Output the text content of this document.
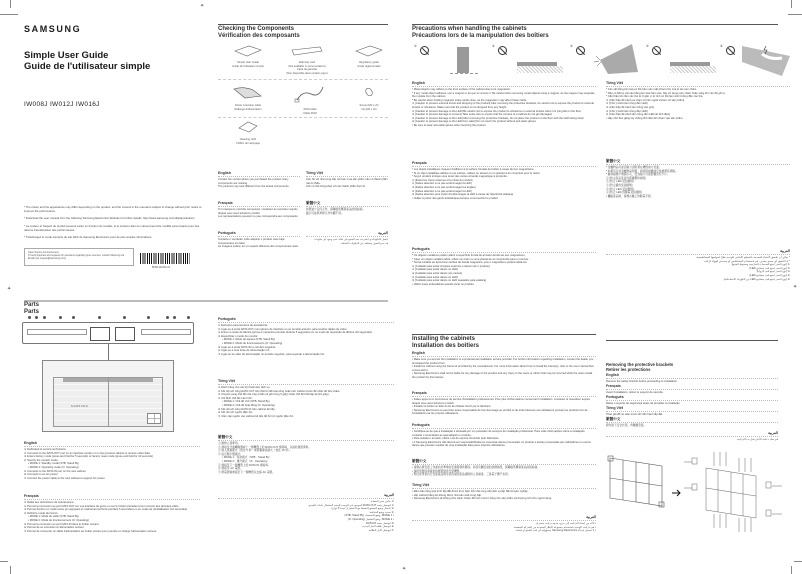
✦
✦	✦
✦
SAMSUNG
Simple User Guide
Guide de l'utilisateur simple
IW008J IW012J IW016J

* The colour and the appearance may differ depending on the product, and the content in the manual is subject to change without prior notice to improve the performance.

* Download the user manual from the following Samsung Electronics Website for further details. http://www.samsung.com/displaysolutions

* La couleur et l'aspect du produit peuvent varier en fonction du modèle, et le contenu dans le manuel peut être modifié sans préavis pour des raisons d'amélioration des performances.

* Téléchargez le mode d'emploi du site Web de Samsung Electronics pour de plus amples informations.

Open Source Announcement
To send inquiries and requests for questions regarding open sources, contact Samsung via Email (oss.request@samsung.com).
BN68-11195A-01
Checking the Components
Vérification des composants
Simple User Guide
Guide de l'utilisateur simple
Warranty card
(Not available in some locations)
Carte de garantie
(Non disponible dans certains pays)
Regulatory guide
Guide réglementaire
Power extension cable
Rallonge d'alimentation	RCM cable
Câble DCM
Screw (M4 x L6)
Vis (M4 x L6)
Cleaning cloth
Chiffon de nettoyage
English
Contact the vendor where you purchased the product if any components are missing.
The pictures may look different from the actual components.
Tiếng Việt
Liên hệ với nhà cung cấp nơi bạn mua sản phẩm nếu có thành phần nào bị thiếu.
Ảnh có thể trông khác với các thành phần thực tế.
Français
Si il manque le moindre composant, contactez le revendeur auprès duquel vous avez acheté le produit.
Les représentations peuvent ne pas correspondre aux composants.
繁體中文
如果缺少任何元件，請聯絡您購買產品的經銷商。
圖示可能與實際元件外觀不同。
Português
Contacte o vendedor onde adquiriu o produto caso haja componentes em falta.
As imagens podem ter um aspeto diferente dos componentes reais.
العربية
اتصل بالبائع الذي اشتريت منه المنتج في حالة عدم وجود أي مكونات.
قد تبدو الصور مختلفة عن المكونات الفعلية.
Parts
Parts
SAMSUNG
English
① Dedicated to service technicians.
② Connects to the DATA OUT port on an interface sender or on the previous cabinet to receive video data.
③ Enters factory mode (press and hold for 5 seconds) or factory reset mode (press and hold for 10 seconds).
④ Specify the monitor mode:
• MODE 1: Standby mode (STB: Stand By)
• MODE 2: Operating mode (O: Operating)
⑤ Connects to the DATA IN port on the next cabinet.
⑥ Connects to an AC power.
⑦ Connect the power cable to the next cabinet to support AC power.
Français
① Dédié aux techniciens de maintenance.
② Permet la connexion au port DATA OUT sur une interface de genre ou sur le boîtier précédent pour recevoir des données vidéo.
③ Permet d'entrer en mode usine (en appuyant et maintenant enfoncé pendant 5 secondes) ou en mode de réinitialisation (10 secondes).
④ Définit le mode de l'écran:
• MODE 1: Mode de veille (STB: Stand By)
• MODE 2: Mode de fonctionnement (O: Operating)
⑤ Permet la connexion au port DATA IN dans le boîtier suivant.
⑥ Permet de se connecter à l'alimentation secteur.
⑦ Permet de connecter un câble d'alimentation au boîtier suivant pour prendre en charge l'alimentation secteur.
Português
① Exclusivo para técnicos de assistência.
② Ligar-se à porta DATA OUT num gênero de interface ou no armário anterior, para receber dados de vídeo.
③ Entra no modo de fábrica (prima e mantenha premido durante 5 segundos) ou no modo de reposição de fábrica (10 segundos).
④ Especificar o modo do monitor:
• MODE 1: Modo de espera (STB: Stand By)
• MODE 2: Modo de funcionamento (O: Operating)
⑤ Ligar-se à porta DATA IN no armário seguinte.
⑥ Ligar-se a uma fonte de alimentação CA.
⑦ Ligar-se ao cabo de alimentação no armário seguinte, para suportar a alimentação CA.
Tiếng Việt
① Dành riêng cho các kỹ thuật viên dịch vụ.
② Kết nối với cổng DATA OUT trên thiết bị đổi loại cổng hoặc trên cabinet trước để nhận dữ liệu video.
③ Chuyển sang chế độ nhà máy (nhấn và giữ trong 5 giây) hoặc chế độ thiết lập lại (10 giây).
④ Chỉ định chế độ màn hình:
• MODE 1: Chế độ chờ (STB: Stand By)
• MODE 2: Chế độ hoạt động (O: Operating)
⑤ Kết nối với cổng DATA IN trên cabinet kế tiếp.
⑥ Kết nối với nguồn điện AC.
⑦ Cắm cáp nguồn vào cabinet kế tiếp để hỗ trợ nguồn điện AC.
繁體中文
① 維修人員專用。
② 連接至介面轉換器或上一個機殼上的 DATA OUT 連接埠，以接收視訊資料。
③ 進入原廠模式（按住 5 秒）或原廠重設模式（按住 10 秒）。
④ 指定顯示器模式：
• MODE 1：待命模式（STB：Stand By）
• MODE 2：運作模式（O：Operating）
⑤ 連接至下一個機殼上的 DATA IN 連接埠。
⑥ 連接至 AC 電源。
⑦ 將電源線連接至下一個機殼以支援 AC 電源。
العربية
① خاص بفني الصيانة
② لتوصيل منفذ DATA OUT الموجود في الوحدة البينية لاستقبال بيانات الفيديو
③ لإدخال وضع المصنع (اضغط مع الاستمرار لمدة 5 ثوان)
④ تحديد وضع الشاشة:
• MODE 1: وضع الاستعداد (STB: Stand By)
• MODE 2: وضع التشغيل (O: Operating)
⑤ لتوصيل منفذ DATA IN
⑥ لتوصيل طاقة التيار المتردد
⑦ لتوصيل كابل الطاقة
Precautions when handling the cabinets
Précautions lors de la manipulation des boîtiers
①	②	③	④	⑤
English
* Metal objects may adhere to the front surface of the cabinet due to its magnetism.
* If any metal object adheres, use a magnet or air gun to remove it. Be careful when removing metal objects using a magnet, as the magnet may separate the module from the cabinet.
* Be careful when holding magnetic stripe cards close, as the magnetism may affect these cards.
① [Caution to prevent external shock and dropping of the product] After removing the protective brackets, be careful not to expose the product to external shocks or vibrations. Make sure that the product is not dropped from any height.
② [Caution to prevent damage to the LED] Be careful not to expose the product to vibrations or external shocks when it is lying flat on the floor.
③ [Caution to prevent damage to corners] Take extra care to ensure that the corners of a cabinet do not get damaged.
④ [Caution to prevent damage to the LED] After removing the protective brackets, do not place the product on the floor with the LED facing down.
⑤ [Caution to prevent damage to the LED from static] Do not touch the product without anti-static gloves.
• Be sure to wear anti-static gloves when touching the product.
Français
* Les objets métalliques risquent d'adhérer à la surface frontale du boîtier à cause de leur magnétisme.
* Si un objet métallique adhère à une surface, utilisez un aimant ou un pistolet à air comprimé pour le retirer.
* Soyez prudent lorsque vous tenez des cartes à bande magnétique à proximité.
① [Éviter les chocs externes et la chute du produit]
② [Faites attention à ne pas endommager la LED]
③ [Faites attention à ne pas endommager les angles]
④ [Faites attention à ne pas endommager la LED]
⑤ [Faites attention pour éviter d'endommager la LED à cause de l'électricité statique]
• Veillez à porter des gants antistatiques lorsque vous touchez le produit.
Português
* Os objetos metálicos podem aderir à superfície frontal do armário devido ao seu magnetismo.
* Caso um objeto metálico adira, utilize um íman ou uma pistola de ar comprimido para o remover.
* Tenha cuidado ao aproximar cartões de banda magnética, pois o magnetismo poderá afetá-los.
① [Cuidado para evitar choques externos e deixar cair o produto]
② [Cuidado para evitar danos no LED]
③ [Cuidado para evitar danos nos cantos]
④ [Cuidado para evitar danos no LED]
⑤ [Cuidado para evitar danos no LED causados pela estática]
• Utilize luvas antiestáticas quando tocar no produto.
Tiếng Việt
* Các vật bằng kim loại có thể bám vào mặt phía trước của tủ do nam châm.
* Nếu có bất kỳ vật nào bằng kim loại bám vào, hãy sử dụng nam châm hoặc súng khí nén để gỡ ra.
* Cần thận khi cầm các thẻ từ ở gần vì từ tính có thể làm ảnh hưởng đến các thẻ.
① [Cẩn thận để tránh va chạm từ bên ngoài và làm rơi sản phẩm]
② [Chú ý tránh làm hỏng đèn LED]
③ [Cẩn thận để tránh làm hỏng các góc]
④ [Chú ý tránh làm hỏng đèn LED]
⑤ [Cẩn thận để tránh làm hỏng đèn LED do tĩnh điện]
• Hãy nhớ đeo găng tay chống tĩnh điện khi chạm vào sản phẩm.
繁體中文
* 金屬物品可能因磁力而附著在機殼前方表面。
* 如果有任何金屬物品附著，請使用磁鐵或空氣槍將其移除。
* 握持磁條卡時請小心，因為磁力可能影響這些卡片。
① [防止產品受到外部撞擊和掉落]
② [防止 LED 受到損壞]
③ [防止邊角受到損壞]
④ [防止 LED 受到損壞]
⑤ [防止 LED 因靜電受到損壞]
• 觸碰產品時，請務必戴上防靜電手套。
العربية
* يمكن أن تلتصق الأشياء المعدنية بالسطح الأمامي للوحدة نظرًا لخواصها المغناطيسية.
* إذا التصق أي جسم معدني، قم باستخدام المغناطيس أو مسدس الهواء لإزالته.
① [توخ الحذر لمنع الصدمات الخارجية وسقوط المنتج]
② [توخ الحذر لمنع تلف مصابيح LED]
③ [توخ الحذر لمنع تلف الزوايا]
④ [توخ الحذر لمنع تلف مصابيح LED]
⑤ [توخ الحذر لمنع تلف مصابيح LED من الكهرباء الاستاتيكية]
Installing the cabinets
Installation des boîtiers
English
• Make sure you entrust the installation to a professional installation service provider. For further information regarding installation, contact the dealer you purchased the product from.
• Install the cabinet using the frame kit provided by the manufacturer. For more information about how to install the frame(s), refer to the user manual that comes with it.
• Samsung Electronics shall not be liable for any damage to the product and any injury to the users or others that may be incurred while the users install the product by themselves.
Français
• Faites appel à un fournisseur de service d'installation professionnel. Pour plus d'informations concernant l'installation, contactez le revendeur auprès duquel vous avez acheté le produit.
• Installez le boîtier à l'aide du kit de châssis fourni par le fabricant.
• Samsung Electronics ne peut être tenue responsable de tout dommage au produit et de toute blessure aux utilisateurs pouvant se produire lors de l'installation par les propres utilisateurs.
Português
• Certifique-se de que a instalação é efetuada por um prestador de serviços de instalação profissional. Para mais informações sobre a instalação, contacte o revendedor ao qual adquiriu o produto.
• Para instalar o armário, utilize o kit de suporte fornecido pelo fabricante.
• A Samsung Electronics não deverá ser responsabilizada por eventuais danos provocados no produto e lesões provocadas aos utilizadores ou outros danos que possam resultar de uma instalação feita pelos próprios utilizadores.
繁體中文
• 請務必將安裝工作委託給專業的安裝服務供應商。如需有關安裝的詳細資訊，請聯絡您購買產品的經銷商。
• 請使用製造商提供的框架組件安裝機殼。
• 對於使用者自行安裝產品時可能造成的產品損壞和人身傷害，三星電子概不負責。
Tiếng Việt
• Đảm bảo rằng quá trình lắp đặt được thực hiện bởi nhà cung cấp dịch vụ lắp đặt chuyên nghiệp.
• Lắp cabinet bằng bộ khung được nhà sản xuất cung cấp.
• Samsung Electronics sẽ không chịu trách nhiệm đối với mọi hư hỏng cho sản phẩm và thương tích cho người dùng.
العربية
• تأكد من إسناد التركيب إلى مزود خدمة تركيب محترف.
• قم بتركيب الوحدة باستخدام مجموعة الإطار المقدمة من الشركة المصنعة.
• لا تتحمل شركة Samsung Electronics مسؤولية أي تلف للمنتج أو إصابة.
Removing the protective brackets
Retirer les protections
English
Remove the safety bracket before proceeding to installation.
Français
Avant l'installation, retirez le support de sécurité.
Português
Retire o suporte de segurança antes de proceder à instalação.
Tiếng Việt
Tháo giá đỡ an toàn trước khi tiến hành lắp đặt.
繁體中文
請先取下安全托架，再繼續安裝。
العربية
قم بفك دعامة الأمان قبل بدء التركيب.
